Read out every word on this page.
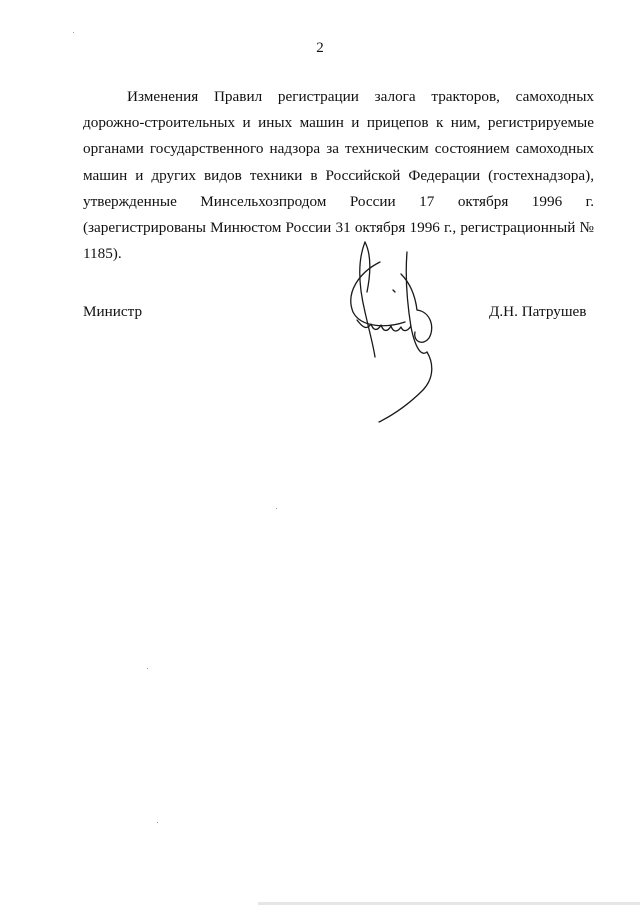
2

Изменения Правил регистрации залога тракторов, самоходных дорожно-строительных и иных машин и прицепов к ним, регистрируемые органами государственного надзора за техническим состоянием самоходных машин и других видов техники в Российской Федерации (гостехнадзора), утвержденные Минсельхозпродом России 17 октября 1996 г. (зарегистрированы Минюстом России 31 октября 1996 г., регистрационный № 1185).

Министр	Д.Н. Патрушев
